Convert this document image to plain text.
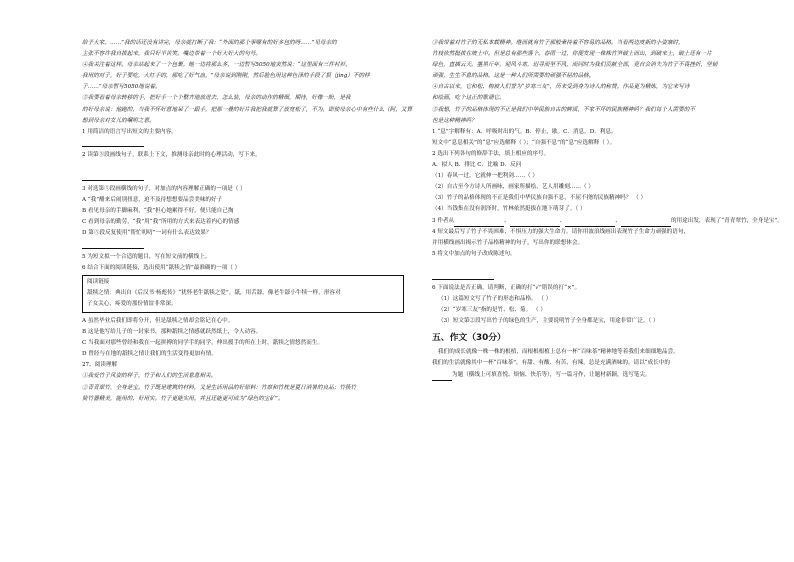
给予大家。……”我的话还没有讲完，母亲就打断了我：“外面的那个事哪有的好多包的呀……”见母亲的
主张不容许我自拔起来，我只好半苦笑。嘴边带着一个好大好大的句号。
④我关注着这样。母亲站起来了一个包裹。她一边将那么多，一边暂写5050地突然说：“这里面有三件衬衫，
我用的对子，好子要吃，大红手的，那吃了好气血，”母亲说到刚刚，然后脸色用这种色泽的手段了狠（jìng）不的样
子……”母亲暂写5050地说着。
⑤我要看着母亲转移的手，把好手一个个整齐地放进去，怎么装，母亲的动作的精细，期待，好像一盼，是我
的好母亲说：他跑的，当我不怀好意地呆了一跟手，把那一叠的好片我把我就算了放宽松了，不为，即使母亲心中有些什么（阿，又算
想到母亲对女儿的嘱咐之意。
1 用简洁的语言写出短文的主要内容。
2 读第③段画线句子，联系上下文，推测母亲此时的心理活动，写下来。
3 对选第⑤段画横线的句子，对加点的内容理解正确的一项是（ ）
A “我”醋来后闹别扭意，迫不及待想想要品尝美味的好子
B 看见母亲的手脚麻利，“我”担心她累得不好，便只能自己掏
C 看到母亲的勤劳，“我”用“我”所用的方式来表达着内心的情感
D 第⑤段反复使用“帮忙叨叨”一词有什么表达效果？
5 为短文拟一个合适的题目，写在短文前的横线上。
6 结合下面的阅读链接，选出使用“舐犊之情”最准确的一项（ ）
阅读链接
舐犊之情：典出自《后汉书·杨彪传》“犹怀老牛舐犊之爱”。舐，用舌舔。像老牛舔小牛犊一样，形容对
子女关心，疼爱的那份情谊非常深。
A 虽然毕业后我们即将分开，但是舐犊之情却会铭记在心中。
B 这是他写给儿子的一封家书，那种舐犊之情感就跃然纸上，令人动容。
C 当我面对那些曾经和我在一起拼搏的同学手的同学，伸出援手的所在上时，舐犊之情悠然而生。
D 曾经与在地的舐犊之情让我们的生活变得更加有情。
27、阅读理解
①我爱竹子风姿的样子，竹子和人们的生活息息相关。
②青青翠竹，全身是宝。竹子既是建筑的材料，又是生活用品的好原料：竹席和竹枕是夏日消暑的良品；竹筷竹
简竹器精美，能用的、好用实。竹子更能实用。并且还能更可成为“绿色的宝矿”。
③我带着对竹子的无私本载精神。继而就有竹子那般秉持着不容易的品格。当看两边度新的小姿寨时，
竹枝依然挺拔在坡土中。但是总有那些落个。春雨一过，你便发现一株株竹笋破土而出，到破来土，破土还有一片
绿色，直插云天。墨黑斤年，迎风斗寒，迟寻而坚不风，而同时为我们贡献全部，竟自会消失为竹子不畏挫折，坚韧
顽强，生生不息的品格。这是一种人们所需要的顽强不屈的品格。
④自古以来，它和松、梅被人们誉为“岁寒三友”，历来受到身为诗人的称赞。作品更为精炼，为它来写诗
和绘画，吃个这正的歌诵它。
⑤我想，竹子的品格体现的不正是我们中华民族自古的鲜质，不家不坏的民族精神吗？我们每个人需要的不
也是这种精神吗？
1 “息”字解释有：A．呼吸时出的气。B．停止，歇。C．消息。D．利息。
短文中“息息相关”的“息”应选解释（ ）；“自强不息”的“息”应选解释（ ）。
2 选出下列各句的修辞手法，填上相应的序号。
A．拟人 B．排比 C．比喻 D．反问
（1）春风一过，它就伸一把利剑……（ ）
（2）自古至今方诗人所画咏，画家所描绘，艺人用雕刻……（ ）
（3）竹子的品格体现的不正是我们中华民族自强不息，不屈不挠的民族精神吗？ （ ）
（4）当钱集在没有润泽时，竹林依然挺拔在地下萌芽了。（ ）
3 作者从	、	、	、	的用途出发，表现了“青青翠竹，全身是宝”。
4 短文最后写了竹子不畏困难，不惧压力的强大生命力。请你用波浪线画出表现竹子生命力顽强的语句，
并用横线画出揭示竹子品格精神的句子，写出你的联想体会。
5 将文中加点的句子改成陈述句。
6 下面说法是否正确，请判断，正确的打“√”错误的打“×”。
（1）这篇短文写了竹子的形态和品格。 （ ）
（2）“岁寒三友”指的是竹、松、菊。 （ ）
（3）短文第②段写出竹子的绿色的生产，主要说明竹子全身都是宝，用途非常广泛。（ ）
五、作文（30分）
我们的成长就像一株一株的根植，而根根根植上总有一杯“百味茶”精神地等着我们来细细地品尝。
我们的生活就像其中一杯“百味茶”，有甜、有酸、有苦、有辣，总是充满酒味的。请以“成长中的
为题（横线上可填喜悦、烦恼、快乐等），写一篇习作，让题材新颖，选写笔尖。
